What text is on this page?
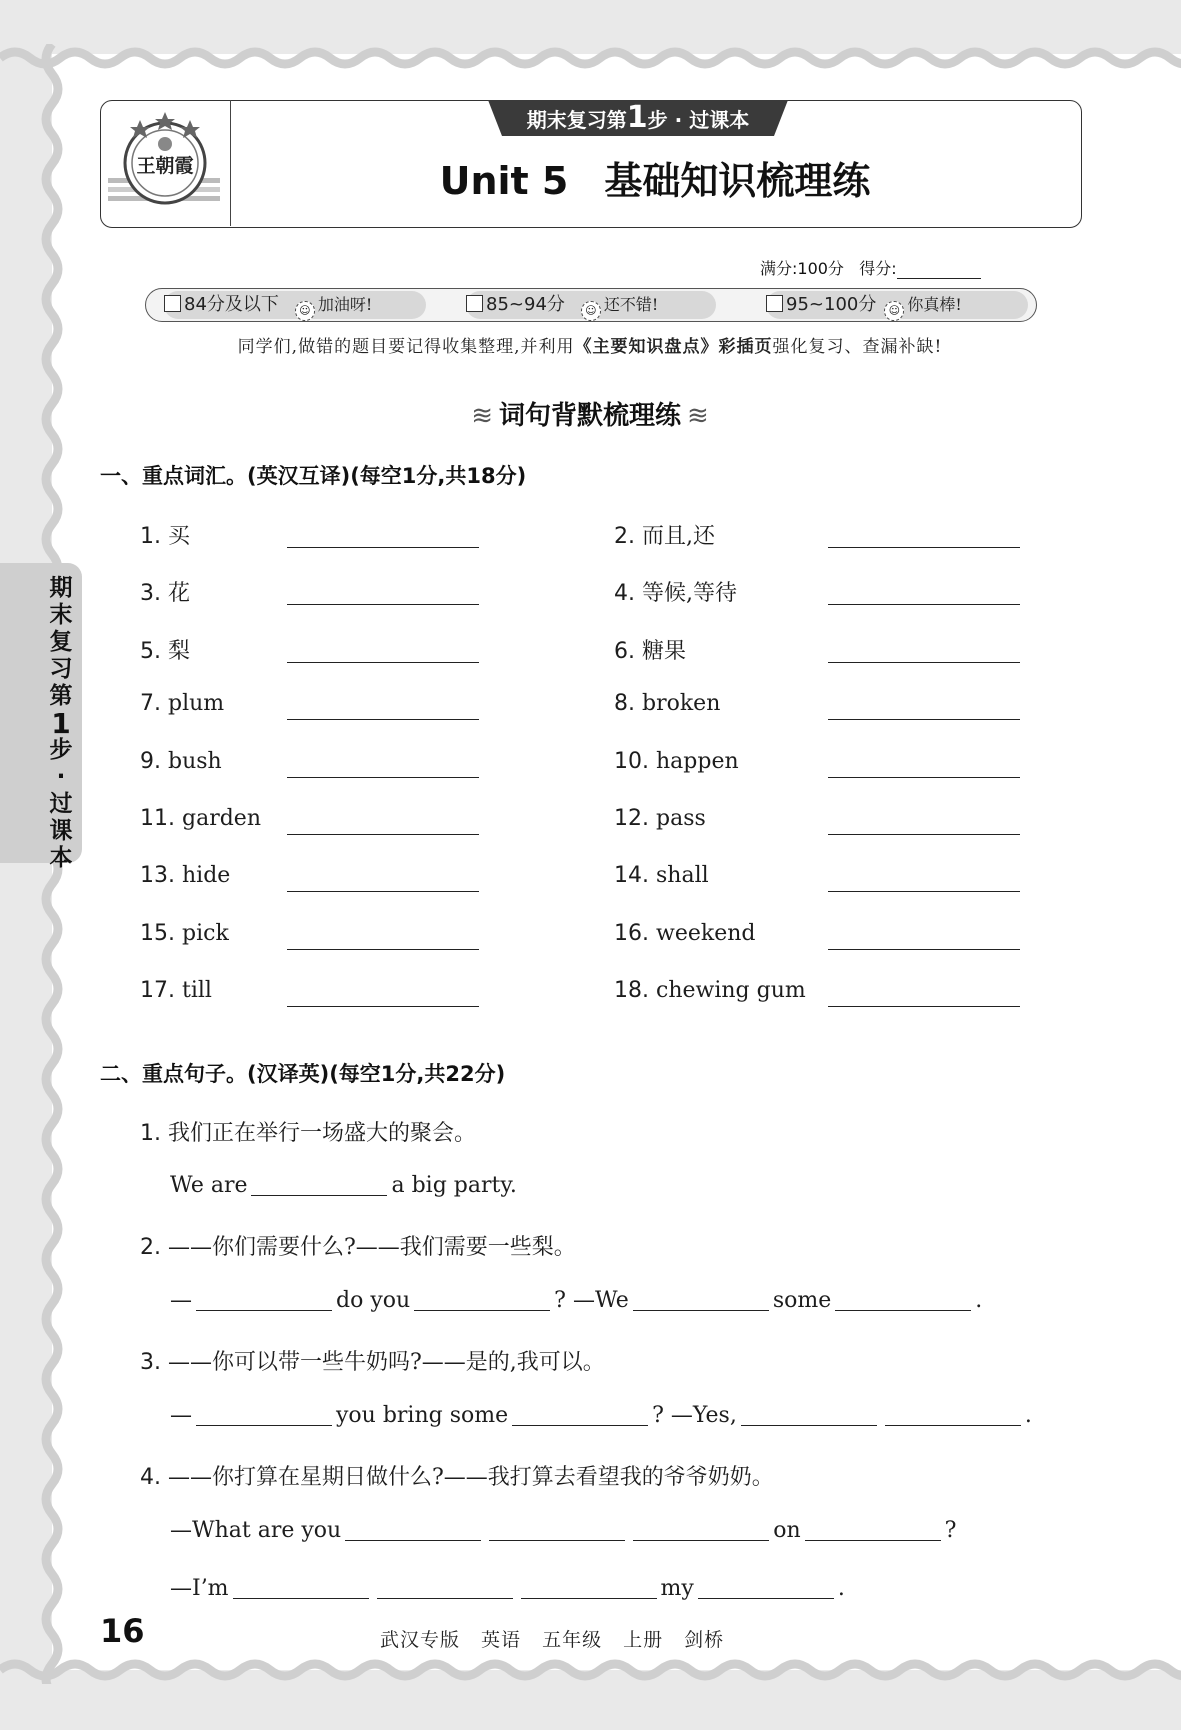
王朝霞
期末复习第1步 · 过课本
Unit 5 基础知识梳理练
满分:100分 得分:
84分及以下 ☺ 加油呀!	85~94分 ☺ 还不错!	95~100分 ☺ 你真棒!
同学们,做错的题目要记得收集整理,并利用《主要知识盘点》彩插页强化复习、查漏补缺!
≋ 词句背默梳理练 ≋
一、重点词汇。(英汉互译)(每空1分,共18分)
1. 买	2. 而且,还
3. 花	4. 等候,等待
5. 梨	6. 糖果
7. plum	8. broken
9. bush	10. happen
11. garden	12. pass
13. hide	14. shall
15. pick	16. weekend
17. till	18. chewing gum
二、重点句子。(汉译英)(每空1分,共22分)
1. 我们正在举行一场盛大的聚会。
We are	a big party.
2. ——你们需要什么?——我们需要一些梨。
—	do you	? —We	some	.
3. ——你可以带一些牛奶吗?——是的,我可以。
—	you bring some	? —Yes,	.
4. ——你打算在星期日做什么?——我打算去看望我的爷爷奶奶。
—What are you	on	?
—I’m	my	.
期
末
复
习
第
1
步
·
过
课
本
16	武汉专版 英语 五年级 上册 剑桥
